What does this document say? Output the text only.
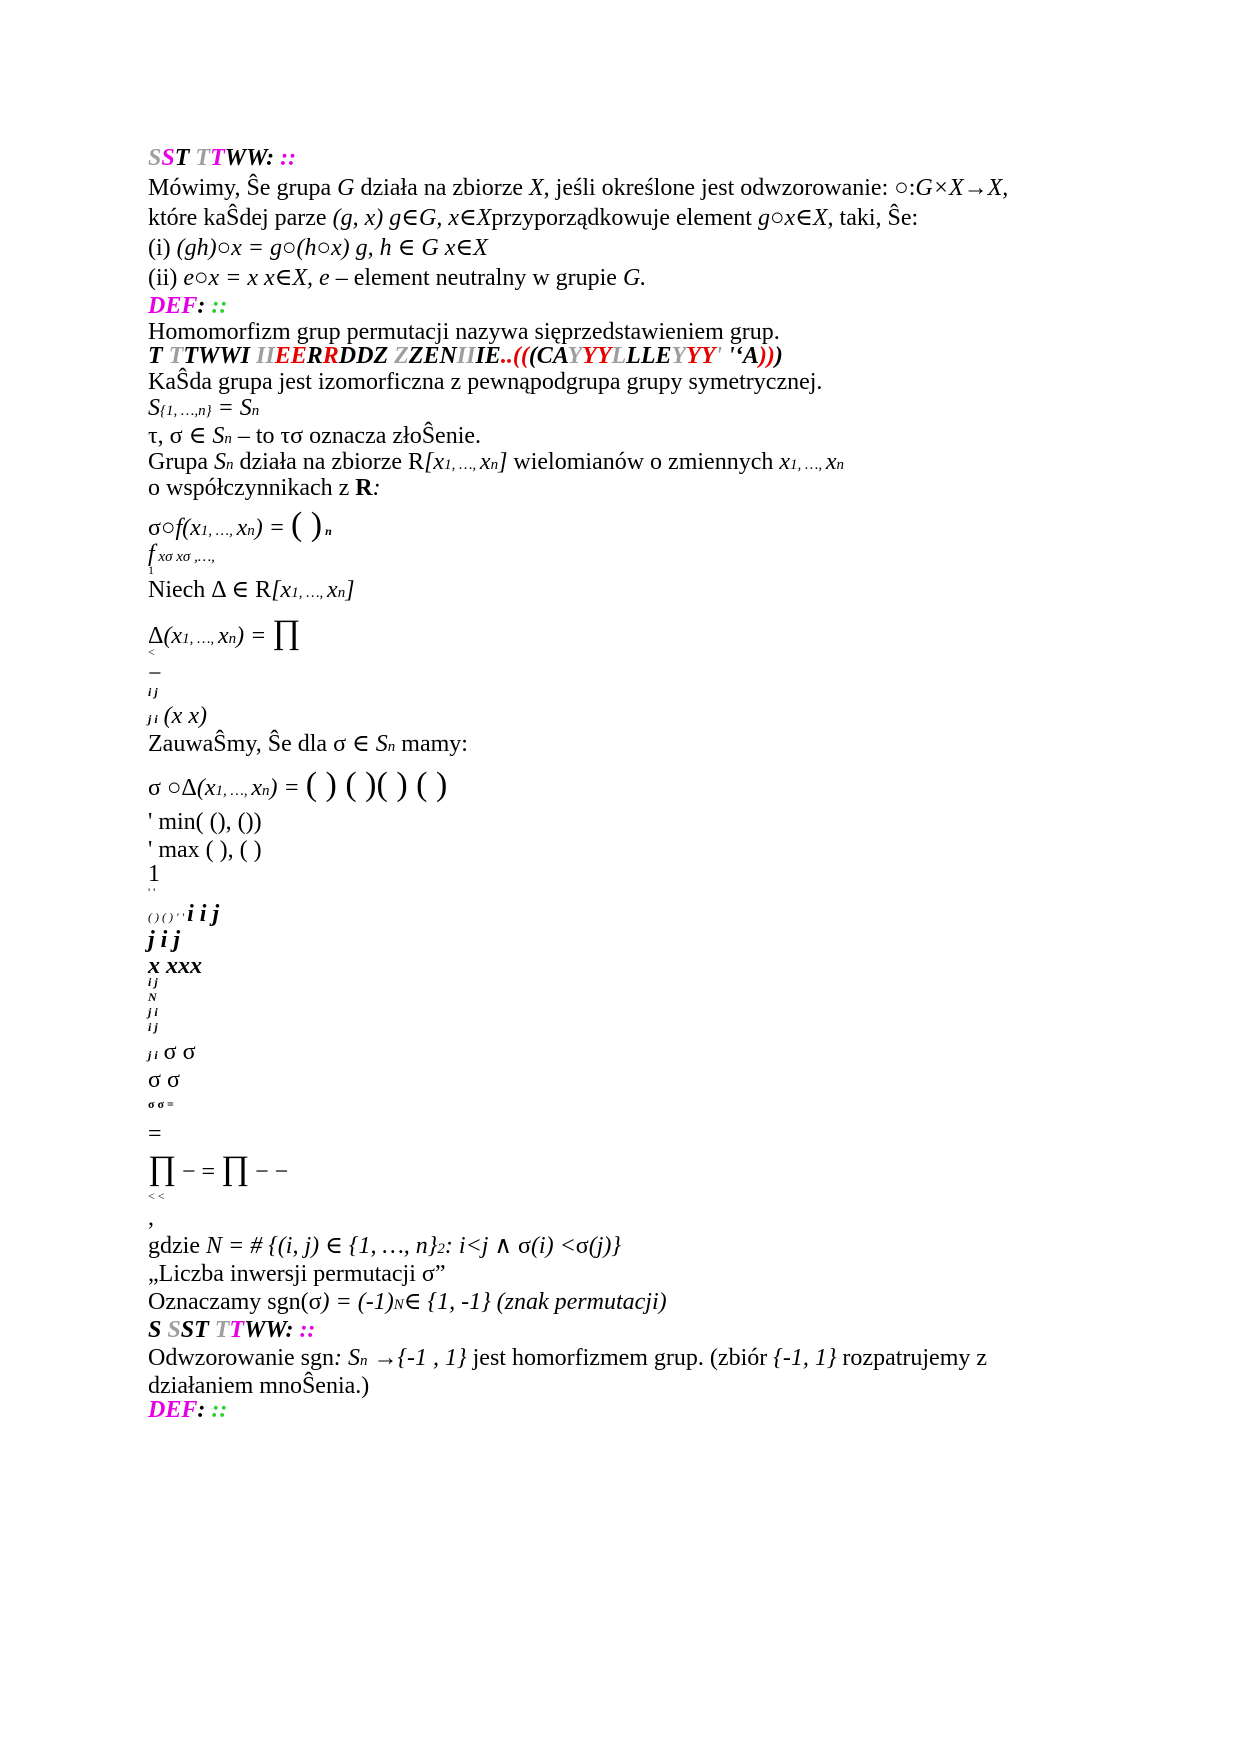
SST TTWW: ::
Mówimy, Ŝe grupa G działa na zbiorze X, jeśli określone jest odwzorowanie: ○:G×X→X,
które kaŜdej parze (g, x) g∈G, x∈Xprzyporządkowuje element g○x∈X, taki, Ŝe:
(i) (gh)○x = g○(h○x) g, h ∈ G x∈X
(ii) e○x = x x∈X, e – element neutralny w grupie G.
DEF: ::
Homomorfizm grup permutacji nazywa sięprzedstawieniem grup.
T TTWWI IIEERRDDZ ZZENIIIE..(((CAYYYLLLEYYY' '‘A)))
KaŜda grupa jest izomorficzna z pewnąpodgrupa grupy symetrycznej.
S{1, …,n} = Sn
τ, σ ∈ Sn – to τσ oznacza złoŜenie.
Grupa Sn działa na zbiorze R[x1, …, xn] wielomianów o zmiennych x1, …, xn
o współczynnikach z R:
σ○f(x1, …, xn) = ( ) n
f xσ xσ ,…,
1
Niech Δ ∈ R[x1, …, xn]
Δ(x1, …, xn) = ∏
<
−
i j
j i (x x)
ZauwaŜmy, Ŝe dla σ ∈ Sn mamy:
σ ○Δ(x1, …, xn) = ( ) ( )( ) ( )
' min( (), ())
' max ( ), ( )
1
' '
( ) ( ) ' ' i i j
j i j
x xxx
i j
N
j i
i j
j i σ σ
σ σ
σ σ =
=
∏ − = ∏ − −
< <
,
gdzie N = # {(i, j) ∈ {1, …, n}2: i<j ∧ σ(i) <σ(j)}
„Liczba inwersji permutacji σ”
Oznaczamy sgn(σ) = (-1)N∈ {1, -1} (znak permutacji)
S SST TTWW: ::
Odwzorowanie sgn: Sn →{-1 , 1} jest homorfizmem grup. (zbiór {-1, 1} rozpatrujemy z
działaniem mnoŜenia.)
DEF: ::
